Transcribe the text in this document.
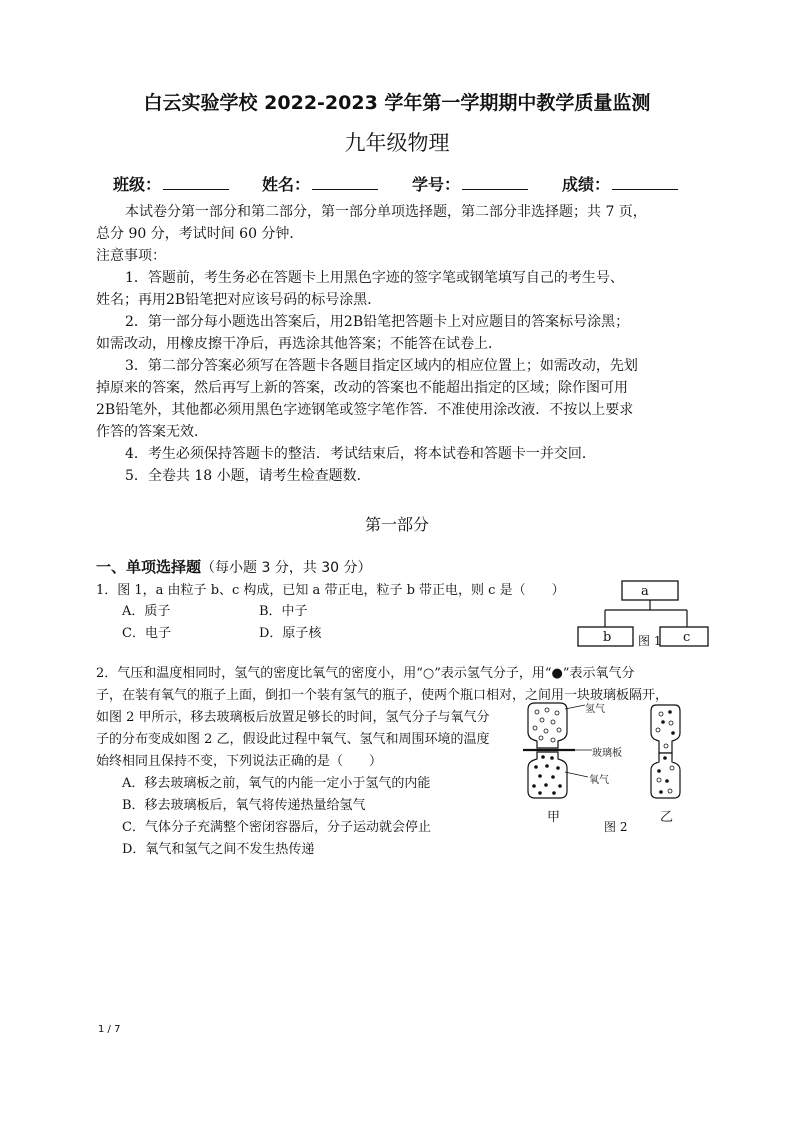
白云实验学校 2022-2023 学年第一学期期中教学质量监测
九年级物理
班级：	姓名：	学号：	成绩：
本试卷分第一部分和第二部分，第一部分单项选择题，第二部分非选择题；共 7 页，
总分 90 分，考试时间 60 分钟．
注意事项：
1．答题前，考生务必在答题卡上用黑色字迹的签字笔或钢笔填写自己的考生号、
姓名；再用2B铅笔把对应该号码的标号涂黑．
2．第一部分每小题选出答案后，用2B铅笔把答题卡上对应题目的答案标号涂黑；
如需改动，用橡皮擦干净后，再选涂其他答案；不能答在试卷上．
3．第二部分答案必须写在答题卡各题目指定区域内的相应位置上；如需改动，先划
掉原来的答案，然后再写上新的答案，改动的答案也不能超出指定的区域；除作图可用
2B铅笔外，其他都必须用黑色字迹钢笔或签字笔作答．不准使用涂改液．不按以上要求
作答的答案无效．
4．考生必须保持答题卡的整洁．考试结束后，将本试卷和答题卡一并交回．
5．全卷共 18 小题，请考生检查题数．
第一部分
一、单项选择题（每小题 3 分，共 30 分）
1．图 1，a 由粒子 b、c 构成，已知 a 带正电，粒子 b 带正电，则 c 是（　　）
A．质子	B．中子
C．电子	D．原子核
a
b	c
图 1
2．气压和温度相同时，氢气的密度比氧气的密度小，用“○”表示氢气分子，用“●”表示氧气分
子，在装有氧气的瓶子上面，倒扣一个装有氢气的瓶子，使两个瓶口相对，之间用一块玻璃板隔开，
如图 2 甲所示，移去玻璃板后放置足够长的时间，氢气分子与氧气分
子的分布变成如图 2 乙，假设此过程中氧气、氢气和周围环境的温度
始终相同且保持不变，下列说法正确的是（　　）
A．移去玻璃板之前，氧气的内能一定小于氢气的内能
B．移去玻璃板后，氧气将传递热量给氢气
C．气体分子充满整个密闭容器后，分子运动就会停止
D．氧气和氢气之间不发生热传递
氢气
玻璃板
氧气
甲	乙
图 2
1 / 7
